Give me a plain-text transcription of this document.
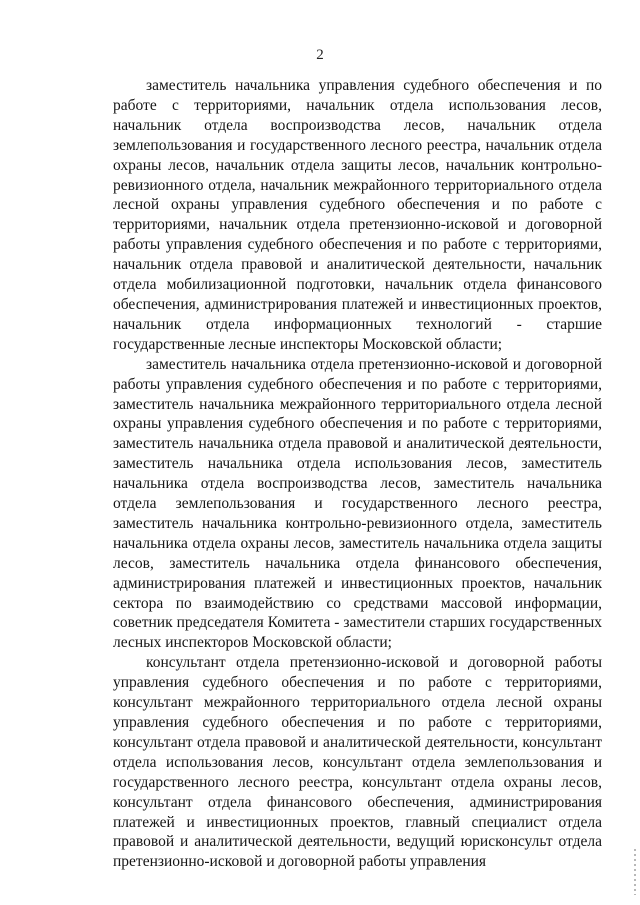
2

заместитель начальника управления судебного обеспечения и по работе с территориями, начальник отдела использования лесов, начальник отдела воспроизводства лесов, начальник отдела землепользования и государственного лесного реестра, начальник отдела охраны лесов, начальник отдела защиты лесов, начальник контрольно-ревизионного отдела, начальник межрайонного территориального отдела лесной охраны управления судебного обеспечения и по работе с территориями, начальник отдела претензионно-исковой и договорной работы управления судебного обеспечения и по работе с территориями, начальник отдела правовой и аналитической деятельности, начальник отдела мобилизационной подготовки, начальник отдела финансового обеспечения, администрирования платежей и инвестиционных проектов, начальник отдела информационных технологий - старшие государственные лесные инспекторы Московской области;

заместитель начальника отдела претензионно-исковой и договорной работы управления судебного обеспечения и по работе с территориями, заместитель начальника межрайонного территориального отдела лесной охраны управления судебного обеспечения и по работе с территориями, заместитель начальника отдела правовой и аналитической деятельности, заместитель начальника отдела использования лесов, заместитель начальника отдела воспроизводства лесов, заместитель начальника отдела землепользования и государственного лесного реестра, заместитель начальника контрольно-ревизионного отдела, заместитель начальника отдела охраны лесов, заместитель начальника отдела защиты лесов, заместитель начальника отдела финансового обеспечения, администрирования платежей и инвестиционных проектов, начальник сектора по взаимодействию со средствами массовой информации, советник председателя Комитета - заместители старших государственных лесных инспекторов Московской области;

консультант отдела претензионно-исковой и договорной работы управления судебного обеспечения и по работе с территориями, консультант межрайонного территориального отдела лесной охраны управления судебного обеспечения и по работе с территориями, консультант отдела правовой и аналитической деятельности, консультант отдела использования лесов, консультант отдела землепользования и государственного лесного реестра, консультант отдела охраны лесов, консультант отдела финансового обеспечения, администрирования платежей и инвестиционных проектов, главный специалист отдела правовой и аналитической деятельности, ведущий юрисконсульт отдела претензионно-исковой и договорной работы управления
